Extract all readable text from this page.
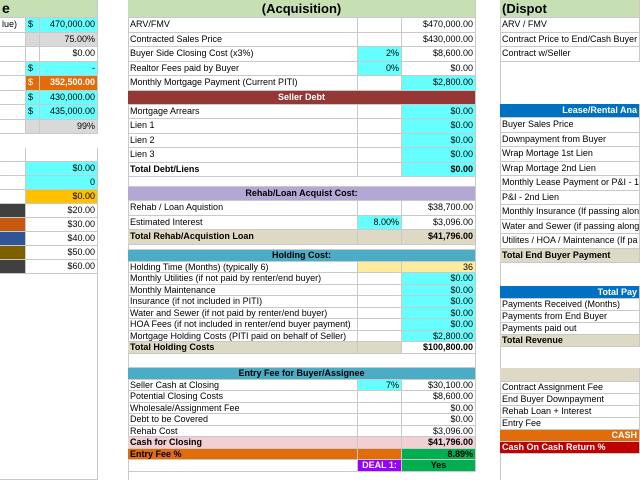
e
lue)	$	470,000.00
75.00%
$0.00
$	-
$	352,500.00
$	430,000.00
$	435,000.00
99%
$0.00
0
$0.00
$20.00
$30.00
$40.00
$50.00
$60.00
(Acquisition)
ARV/FMV	$470,000.00
Contracted Sales Price	$430,000.00
Buyer Side Closing Cost (x3%)	2%	$8,600.00
Realtor Fees paid by Buyer	0%	$0.00
Monthly Mortgage Payment (Current PITI)	$2,800.00
Seller Debt
Mortgage Arrears	$0.00
Lien 1	$0.00
Lien 2	$0.00
Lien 3	$0.00
Total Debt/Liens	$0.00
Rehab/Loan Acquist Cost:
Rehab / Loan Aquistion	$38,700.00
Estimated Interest	8.00%	$3,096.00
Total Rehab/Acquistion Loan	$41,796.00
Holding Cost:
Holding Time (Months) (typically 6)	36
Monthly Utilities (if not paid by renter/end buyer)	$0.00
Monthly Maintenance	$0.00
Insurance (if not included in PITI)	$0.00
Water and Sewer (if not paid by renter/end buyer)	$0.00
HOA Fees (if not included in renter/end buyer payment)	$0.00
Mortgage Holding Costs (PITI paid on behalf of Seller)	$2,800.00
Total Holding Costs	$100,800.00
Entry Fee for Buyer/Assignee
Seller Cash at Closing	7%	$30,100.00
Potential Closing Costs	$8,600.00
Wholesale/Assignment Fee	$0.00
Debt to be Covered	$0.00
Rehab Cost	$3,096.00
Cash for Closing	$41,796.00
Entry Fee %	8.89%
DEAL 1:	Yes
(Dispot
ARV / FMV
Contract Price to End/Cash Buyer
Contract w/Seller
Lease/Rental Ana
Buyer Sales Price
Downpayment from Buyer
Wrap Mortage 1st Lien
Wrap Mortage 2nd Lien
Monthly Lease Payment or P&I - 1
P&I - 2nd Lien
Monthly Insurance (If passing alon
Water and Sewer (if passing along
Utilites / HOA / Maintenance (If pa
Total End Buyer Payment
Total Pay
Payments Received (Months)
Payments from End Buyer
Payments paid out
Total Revenue
Contract Assignment Fee
End Buyer Downpayment
Rehab Loan + Interest
Entry Fee
CASH
Cash On Cash Return %
